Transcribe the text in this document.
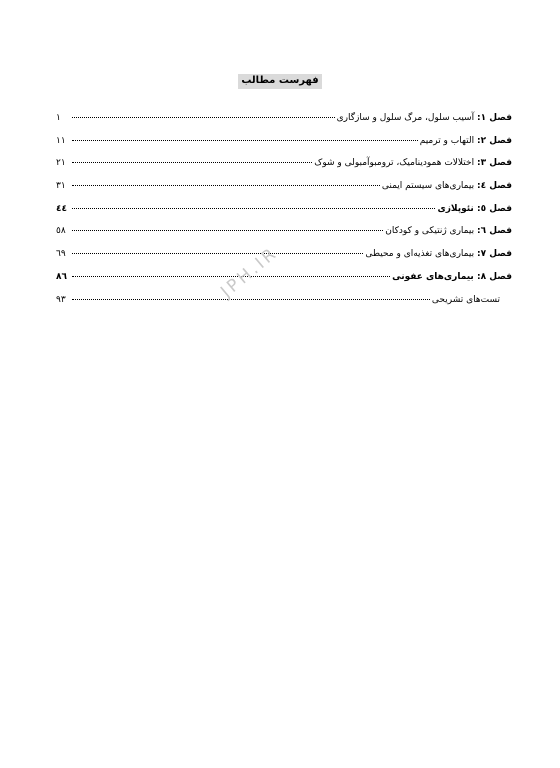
فهرست مطالب
فصل ۱: آسیب سلول، مرگ سلول و سازگاری
۱
فصل ۲: التهاب و ترمیم
۱۱
فصل ۳: اختلالات همودینامیک، ترومبوآمبولی و شوک
۲۱
فصل ٤: بیماری‌های سیستم ایمنی
۳۱
فصل ٥: نئوپلازی
٤٤
فصل ٦: بیماری ژنتیکی و کودکان
٥٨
فصل ۷: بیماری‌های تغذیه‌ای و محیطی
٦٩
فصل ۸: بیماری‌های عفونی
۸٦
تست‌های تشریحی
۹۳	JPH.IR
